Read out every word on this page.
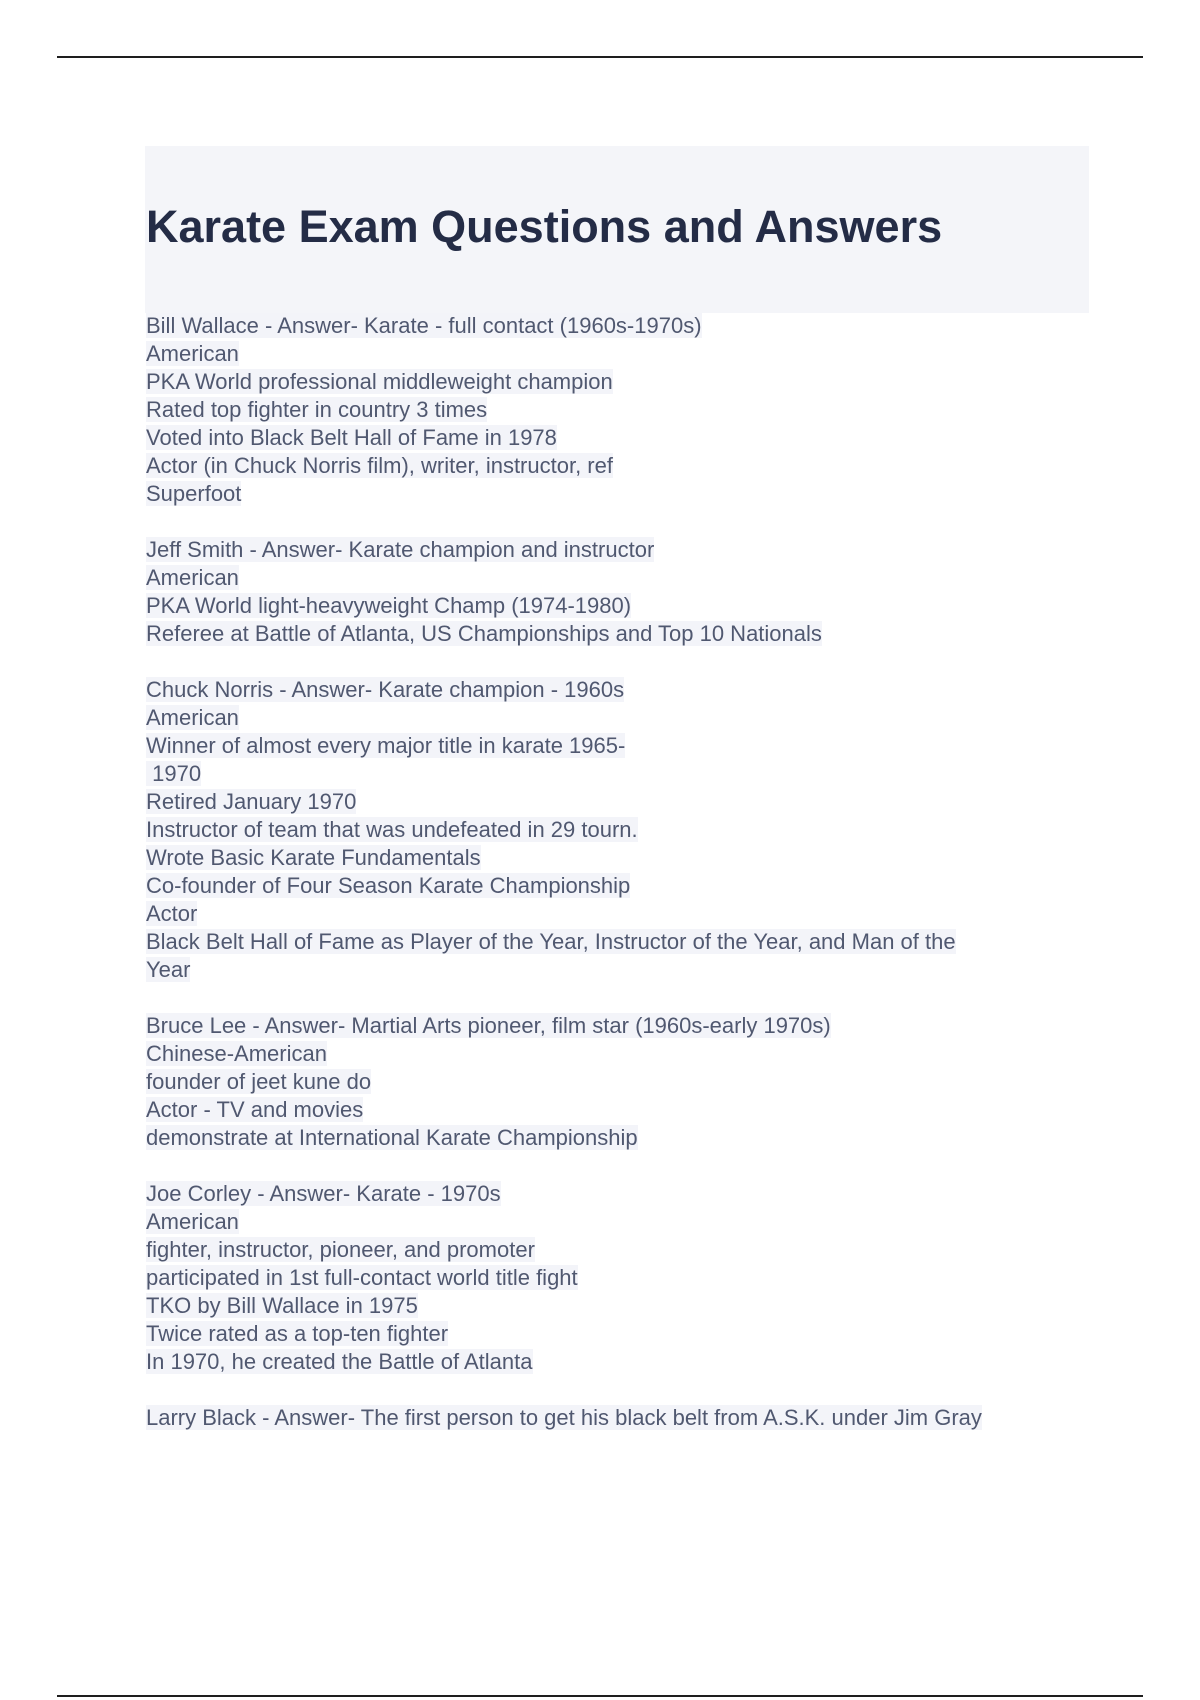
Karate Exam Questions and Answers
Bill Wallace - Answer- Karate - full contact (1960s-1970s)
American
PKA World professional middleweight champion
Rated top fighter in country 3 times
Voted into Black Belt Hall of Fame in 1978
Actor (in Chuck Norris film), writer, instructor, ref
Superfoot
Jeff Smith - Answer- Karate champion and instructor
American
PKA World light-heavyweight Champ (1974-1980)
Referee at Battle of Atlanta, US Championships and Top 10 Nationals
Chuck Norris - Answer- Karate champion - 1960s
American
Winner of almost every major title in karate 1965-
1970
Retired January 1970
Instructor of team that was undefeated in 29 tourn.
Wrote Basic Karate Fundamentals
Co-founder of Four Season Karate Championship
Actor
Black Belt Hall of Fame as Player of the Year, Instructor of the Year, and Man of the
Year
Bruce Lee - Answer- Martial Arts pioneer, film star (1960s-early 1970s)
Chinese-American
founder of jeet kune do
Actor - TV and movies
demonstrate at International Karate Championship
Joe Corley - Answer- Karate - 1970s
American
fighter, instructor, pioneer, and promoter
participated in 1st full-contact world title fight
TKO by Bill Wallace in 1975
Twice rated as a top-ten fighter
In 1970, he created the Battle of Atlanta
Larry Black - Answer- The first person to get his black belt from A.S.K. under Jim Gray
